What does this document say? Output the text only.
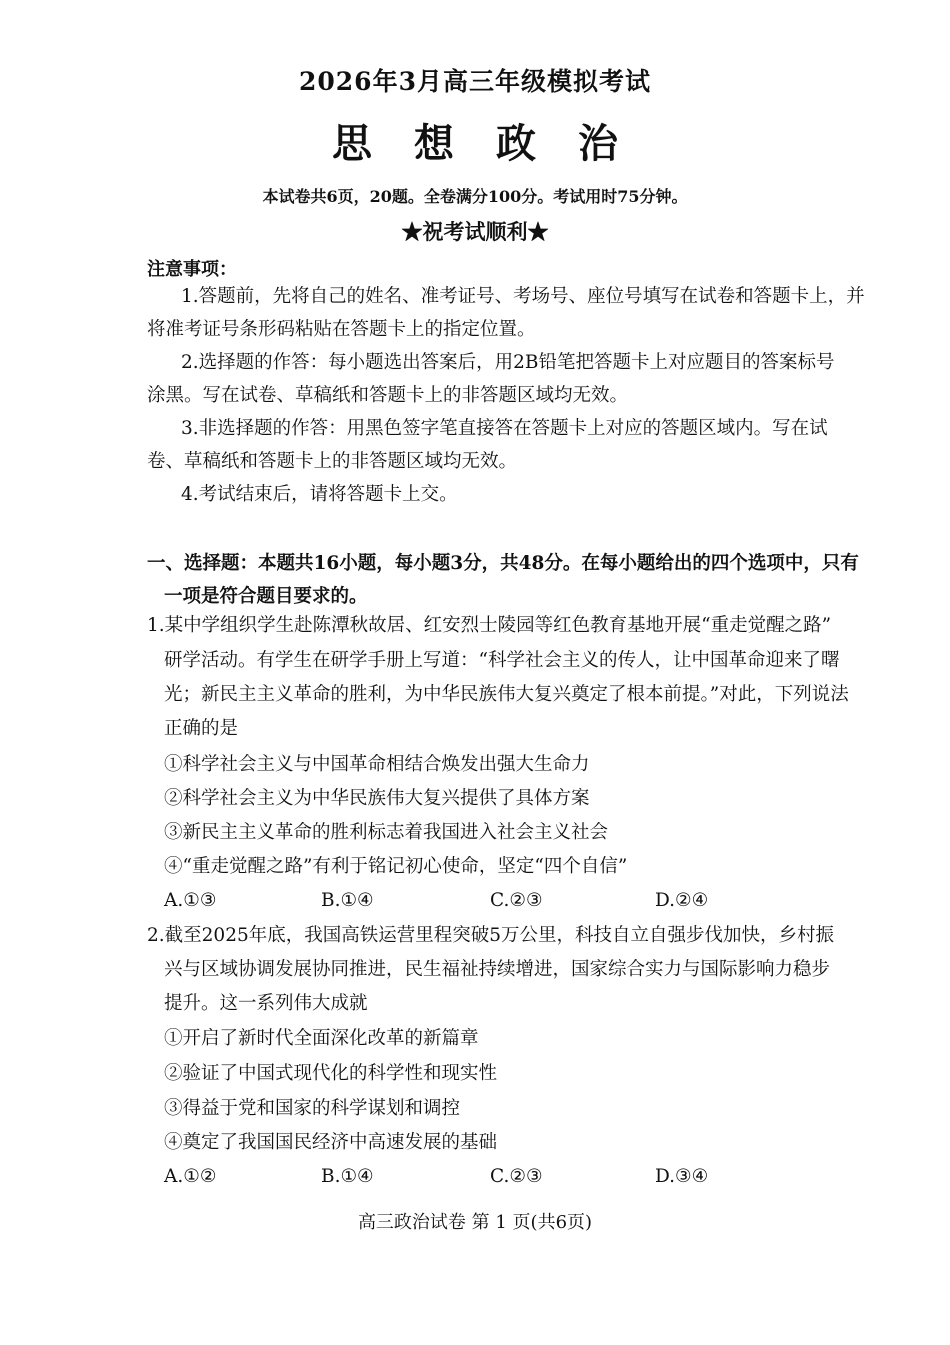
2026年3月高三年级模拟考试
思想政治
本试卷共6页，20题。全卷满分100分。考试用时75分钟。
★祝考试顺利★
注意事项：
1.答题前，先将自己的姓名、准考证号、考场号、座位号填写在试卷和答题卡上，并
将准考证号条形码粘贴在答题卡上的指定位置。
2.选择题的作答：每小题选出答案后，用2B铅笔把答题卡上对应题目的答案标号
涂黑。写在试卷、草稿纸和答题卡上的非答题区域均无效。
3.非选择题的作答：用黑色签字笔直接答在答题卡上对应的答题区域内。写在试
卷、草稿纸和答题卡上的非答题区域均无效。
4.考试结束后，请将答题卡上交。
一、选择题：本题共16小题，每小题3分，共48分。在每小题给出的四个选项中，只有
一项是符合题目要求的。
1.某中学组织学生赴陈潭秋故居、红安烈士陵园等红色教育基地开展“重走觉醒之路”
研学活动。有学生在研学手册上写道：“科学社会主义的传人，让中国革命迎来了曙
光；新民主主义革命的胜利，为中华民族伟大复兴奠定了根本前提。”对此，下列说法
正确的是
①科学社会主义与中国革命相结合焕发出强大生命力
②科学社会主义为中华民族伟大复兴提供了具体方案
③新民主主义革命的胜利标志着我国进入社会主义社会
④“重走觉醒之路”有利于铭记初心使命，坚定“四个自信”
A.①③	B.①④	C.②③	D.②④
2.截至2025年底，我国高铁运营里程突破5万公里，科技自立自强步伐加快，乡村振
兴与区域协调发展协同推进，民生福祉持续增进，国家综合实力与国际影响力稳步
提升。这一系列伟大成就
①开启了新时代全面深化改革的新篇章
②验证了中国式现代化的科学性和现实性
③得益于党和国家的科学谋划和调控
④奠定了我国国民经济中高速发展的基础
A.①②	B.①④	C.②③	D.③④
高三政治试卷 第 1 页(共6页)
